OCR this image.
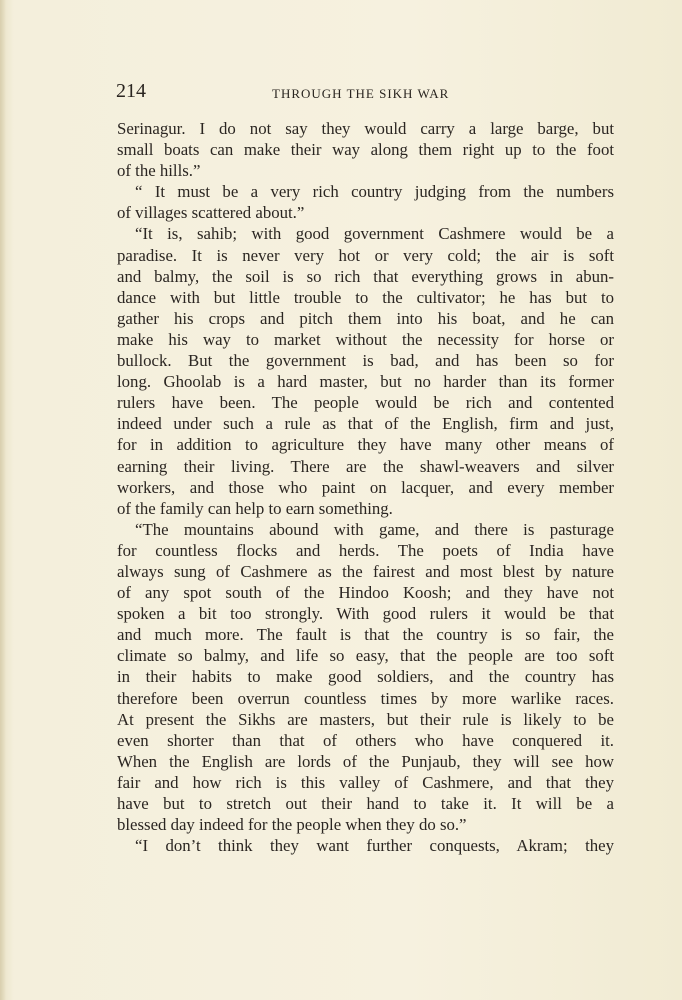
214	THROUGH THE SIKH WAR
Serinagur. I do not say they would carry a large barge, but
small boats can make their way along them right up to the foot
of the hills.”
“ It must be a very rich country judging from the numbers
of villages scattered about.”
“It is, sahib; with good government Cashmere would be a
paradise. It is never very hot or very cold; the air is soft
and balmy, the soil is so rich that everything grows in abun-
dance with but little trouble to the cultivator; he has but to
gather his crops and pitch them into his boat, and he can
make his way to market without the necessity for horse or
bullock. But the government is bad, and has been so for
long. Ghoolab is a hard master, but no harder than its former
rulers have been. The people would be rich and contented
indeed under such a rule as that of the English, firm and just,
for in addition to agriculture they have many other means of
earning their living. There are the shawl-weavers and silver
workers, and those who paint on lacquer, and every member
of the family can help to earn something.
“The mountains abound with game, and there is pasturage
for countless flocks and herds. The poets of India have
always sung of Cashmere as the fairest and most blest by nature
of any spot south of the Hindoo Koosh; and they have not
spoken a bit too strongly. With good rulers it would be that
and much more. The fault is that the country is so fair, the
climate so balmy, and life so easy, that the people are too soft
in their habits to make good soldiers, and the country has
therefore been overrun countless times by more warlike races.
At present the Sikhs are masters, but their rule is likely to be
even shorter than that of others who have conquered it.
When the English are lords of the Punjaub, they will see how
fair and how rich is this valley of Cashmere, and that they
have but to stretch out their hand to take it. It will be a
blessed day indeed for the people when they do so.”
“I don’t think they want further conquests, Akram; they
